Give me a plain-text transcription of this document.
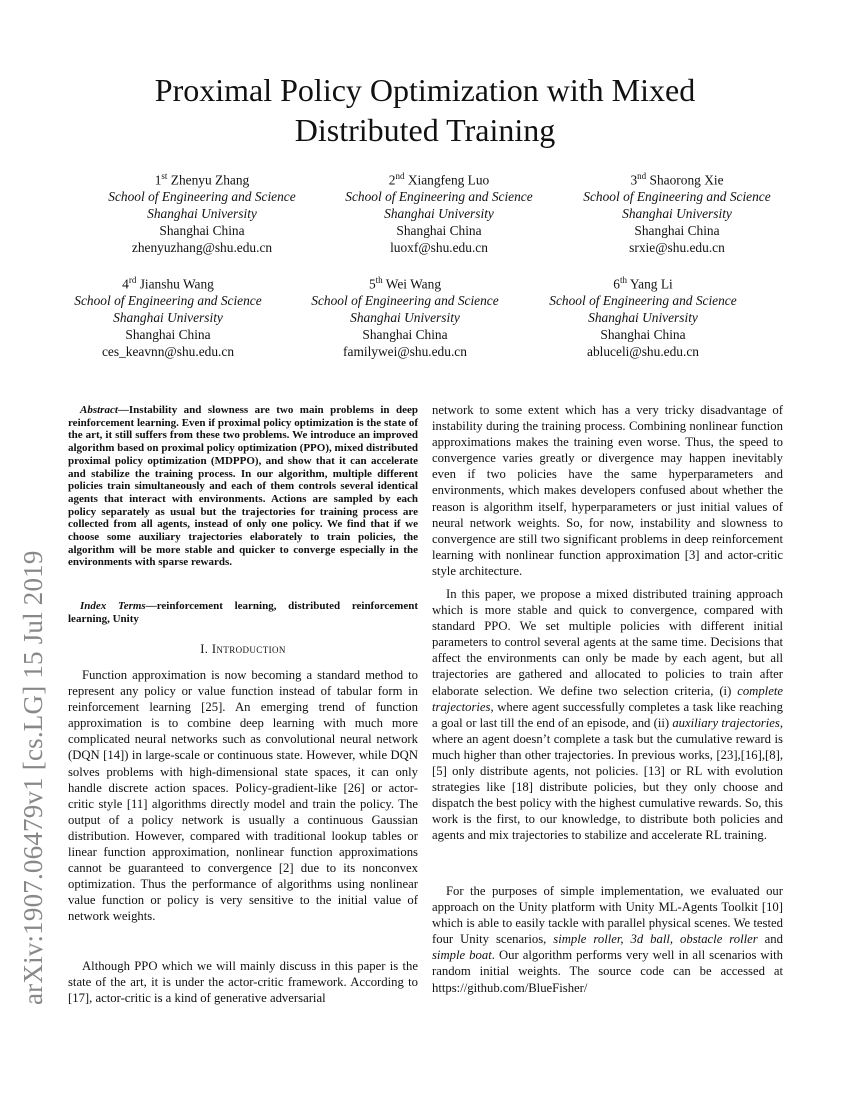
arXiv:1907.06479v1 [cs.LG] 15 Jul 2019
Proximal Policy Optimization with Mixed
Distributed Training
1st Zhenyu Zhang
School of Engineering and Science
Shanghai University
Shanghai China
zhenyuzhang@shu.edu.cn
2nd Xiangfeng Luo
School of Engineering and Science
Shanghai University
Shanghai China
luoxf@shu.edu.cn
3nd Shaorong Xie
School of Engineering and Science
Shanghai University
Shanghai China
srxie@shu.edu.cn
4rd Jianshu Wang
School of Engineering and Science
Shanghai University
Shanghai China
ces_keavnn@shu.edu.cn
5th Wei Wang
School of Engineering and Science
Shanghai University
Shanghai China
familywei@shu.edu.cn
6th Yang Li
School of Engineering and Science
Shanghai University
Shanghai China
abluceli@shu.edu.cn

Abstract—Instability and slowness are two main problems in deep reinforcement learning. Even if proximal policy optimization is the state of the art, it still suffers from these two problems. We introduce an improved algorithm based on proximal policy optimization (PPO), mixed distributed proximal policy optimization (MDPPO), and show that it can accelerate and stabilize the training process. In our algorithm, multiple different policies train simultaneously and each of them controls several identical agents that interact with environments. Actions are sampled by each policy separately as usual but the trajectories for training process are collected from all agents, instead of only one policy. We find that if we choose some auxiliary trajectories elaborately to train policies, the algorithm will be more stable and quicker to converge especially in the environments with sparse rewards.

Index Terms—reinforcement learning, distributed reinforcement learning, Unity

I. Introduction

Function approximation is now becoming a standard method to represent any policy or value function instead of tabular form in reinforcement learning [25]. An emerging trend of function approximation is to combine deep learning with much more complicated neural networks such as convolutional neural network (DQN [14]) in large-scale or continuous state. However, while DQN solves problems with high-dimensional state spaces, it can only handle discrete action spaces. Policy-gradient-like [26] or actor-critic style [11] algorithms directly model and train the policy. The output of a policy network is usually a continuous Gaussian distribution. However, compared with traditional lookup tables or linear function approximation, nonlinear function approximations cannot be guaranteed to convergence [2] due to its nonconvex optimization. Thus the performance of algorithms using nonlinear value function or policy is very sensitive to the initial value of network weights.

Although PPO which we will mainly discuss in this paper is the state of the art, it is under the actor-critic framework. According to [17], actor-critic is a kind of generative adversarial

network to some extent which has a very tricky disadvantage of instability during the training process. Combining nonlinear function approximations makes the training even worse. Thus, the speed to convergence varies greatly or divergence may happen inevitably even if two policies have the same hyperparameters and environments, which makes developers confused about whether the reason is algorithm itself, hyperparameters or just initial values of neural network weights. So, for now, instability and slowness to convergence are still two significant problems in deep reinforcement learning with nonlinear function approximation [3] and actor-critic style architecture.

In this paper, we propose a mixed distributed training approach which is more stable and quick to convergence, compared with standard PPO. We set multiple policies with different initial parameters to control several agents at the same time. Decisions that affect the environments can only be made by each agent, but all trajectories are gathered and allocated to policies to train after elaborate selection. We define two selection criteria, (i) complete trajectories, where agent successfully completes a task like reaching a goal or last till the end of an episode, and (ii) auxiliary trajectories, where an agent doesn’t complete a task but the cumulative reward is much higher than other trajectories. In previous works, [23],[16],[8],[5] only distribute agents, not policies. [13] or RL with evolution strategies like [18] distribute policies, but they only choose and dispatch the best policy with the highest cumulative rewards. So, this work is the first, to our knowledge, to distribute both policies and agents and mix trajectories to stabilize and accelerate RL training.

For the purposes of simple implementation, we evaluated our approach on the Unity platform with Unity ML-Agents Toolkit [10] which is able to easily tackle with parallel physical scenes. We tested four Unity scenarios, simple roller, 3d ball, obstacle roller and simple boat. Our algorithm performs very well in all scenarios with random initial weights. The source code can be accessed at https://github.com/BlueFisher/
